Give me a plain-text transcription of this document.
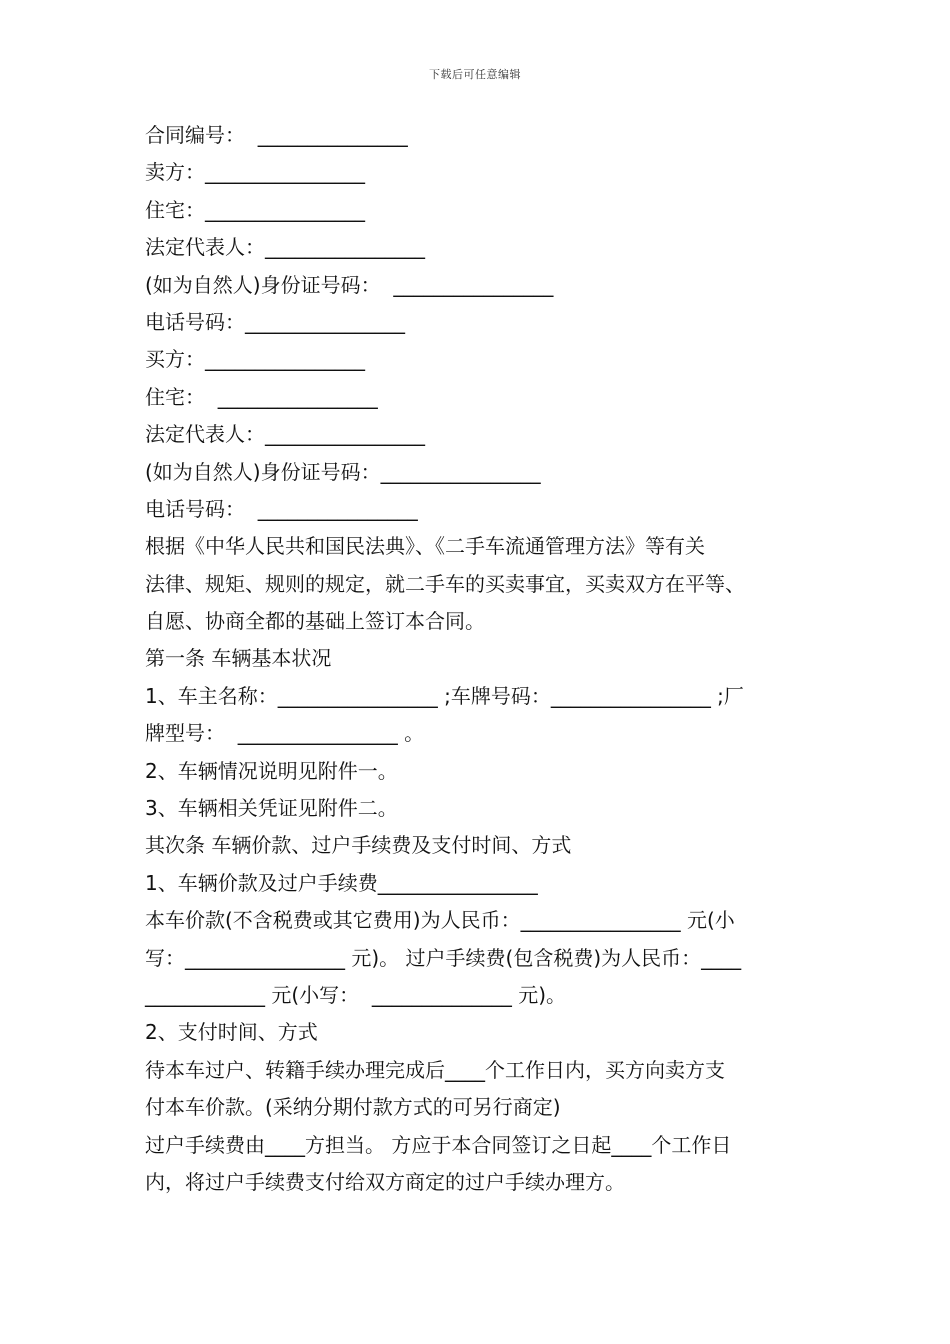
下载后可任意编辑
合同编号：  _______________
卖方：________________
住宅：________________
法定代表人：________________
(如为自然人)身份证号码：  ________________
电话号码：________________
买方：________________
住宅：  ________________
法定代表人：________________
(如为自然人)身份证号码：________________
电话号码：  ________________
根据《中华人民共和国民法典》、《二手车流通管理方法》等有关
法律、规矩、规则的规定，就二手车的买卖事宜，买卖双方在平等、
自愿、协商全都的基础上签订本合同。
第一条 车辆基本状况
1、车主名称：________________ ;车牌号码：________________ ;厂
牌型号：  ________________ 。
2、车辆情况说明见附件一。
3、车辆相关凭证见附件二。
其次条 车辆价款、过户手续费及支付时间、方式
1、车辆价款及过户手续费________________
本车价款(不含税费或其它费用)为人民币：________________ 元(小
写：________________ 元)。 过户手续费(包含税费)为人民币：____
____________ 元(小写：  ______________ 元)。
2、支付时间、方式
待本车过户、转籍手续办理完成后____个工作日内，买方向卖方支
付本车价款。(采纳分期付款方式的可另行商定)
过户手续费由____方担当。 方应于本合同签订之日起____个工作日
内，将过户手续费支付给双方商定的过户手续办理方。
